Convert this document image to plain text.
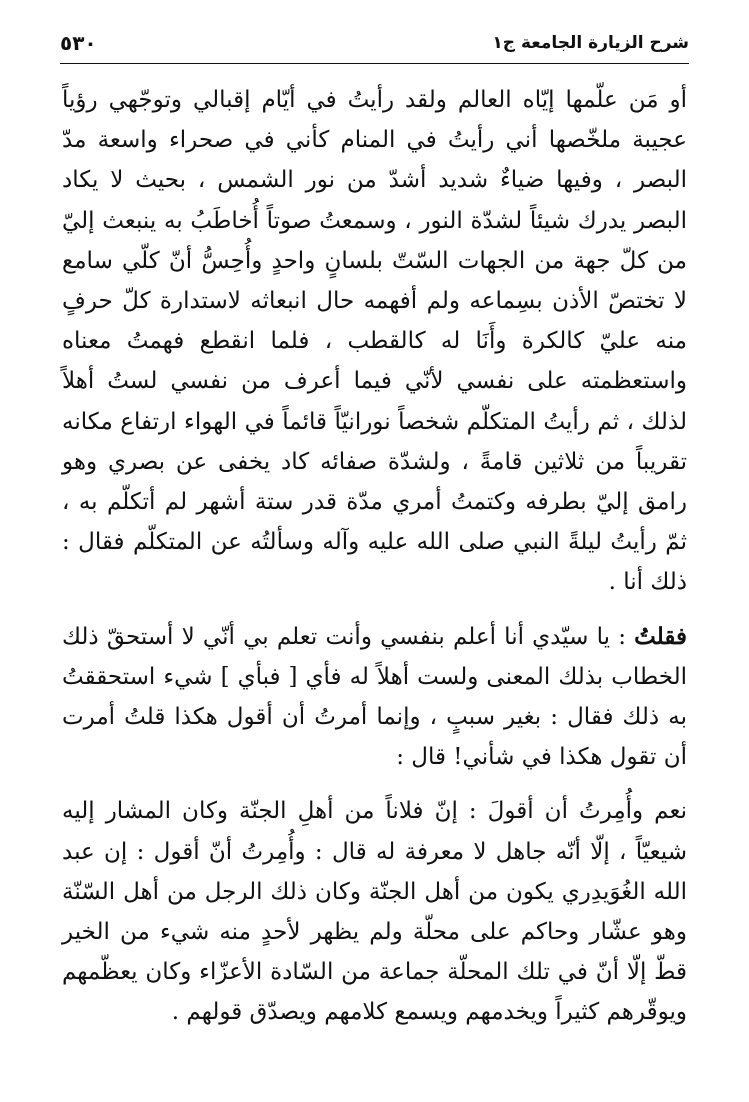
شرح الزيارة الجامعة ج١
٥٣٠

أو مَن علّمها إيّاه العالم ولقد رأيتُ في أيّام إقبالي وتوجّهي رؤياً عجيبة ملخّصها أني رأيتُ في المنام كأني في صحراء واسعة مدّ البصر ، وفيها ضياءٌ شديد أشدّ من نور الشمس ، بحيث لا يكاد البصر يدرك شيئاً لشدّة النور ، وسمعتُ صوتاً أُخاطَبُ به ينبعث إليّ من كلّ جهة من الجهات السّتّ بلسانٍ واحدٍ وأُحِسُّ أنّ كلّي سامع لا تختصّ الأذن بسِماعه ولم أفهمه حال انبعاثه لاستدارة كلّ حرفٍ منه عليّ كالكرة وأَنَا له كالقطب ، فلما انقطع فهمتُ معناه واستعظمته على نفسي لأنّي فيما أعرف من نفسي لستُ أهلاً لذلك ، ثم رأيتُ المتكلّم شخصاً نورانيّاً قائماً في الهواء ارتفاع مكانه تقريباً من ثلاثين قامةً ، ولشدّة صفائه كاد يخفى عن بصري وهو رامق إليّ بطرفه وكتمتُ أمري مدّة قدر ستة أشهر لم أتكلّم به ، ثمّ رأيتُ ليلةً النبي صلى الله عليه وآله وسألتُه عن المتكلّم فقال : ذلك أنا .

فقلتُ : يا سيّدي أنا أعلم بنفسي وأنت تعلم بي أنّي لا أستحقّ ذلك الخطاب بذلك المعنى ولست أهلاً له فأي [ فبأي ] شيء استحققتُ به ذلك فقال : بغير سببٍ ، وإنما أمرتُ أن أقول هكذا قلتُ أمرت أن تقول هكذا في شأني! قال :

نعم وأُمِرتُ أن أقولَ : إنّ فلاناً من أهلِ الجنّة وكان المشار إليه شيعيّاً ، إلّا أنّه جاهل لا معرفة له قال : وأُمِرتُ أنّ أقول : إن عبد الله الغُوَيدِري يكون من أهل الجنّة وكان ذلك الرجل من أهل السّنّة وهو عشّار وحاكم على محلّة ولم يظهر لأحدٍ منه شيء من الخير قطّ إلّا أنّ في تلك المحلّة جماعة من السّادة الأعزّاء وكان يعظّمهم ويوقّرهم كثيراً ويخدمهم ويسمع كلامهم ويصدّق قولهم .
